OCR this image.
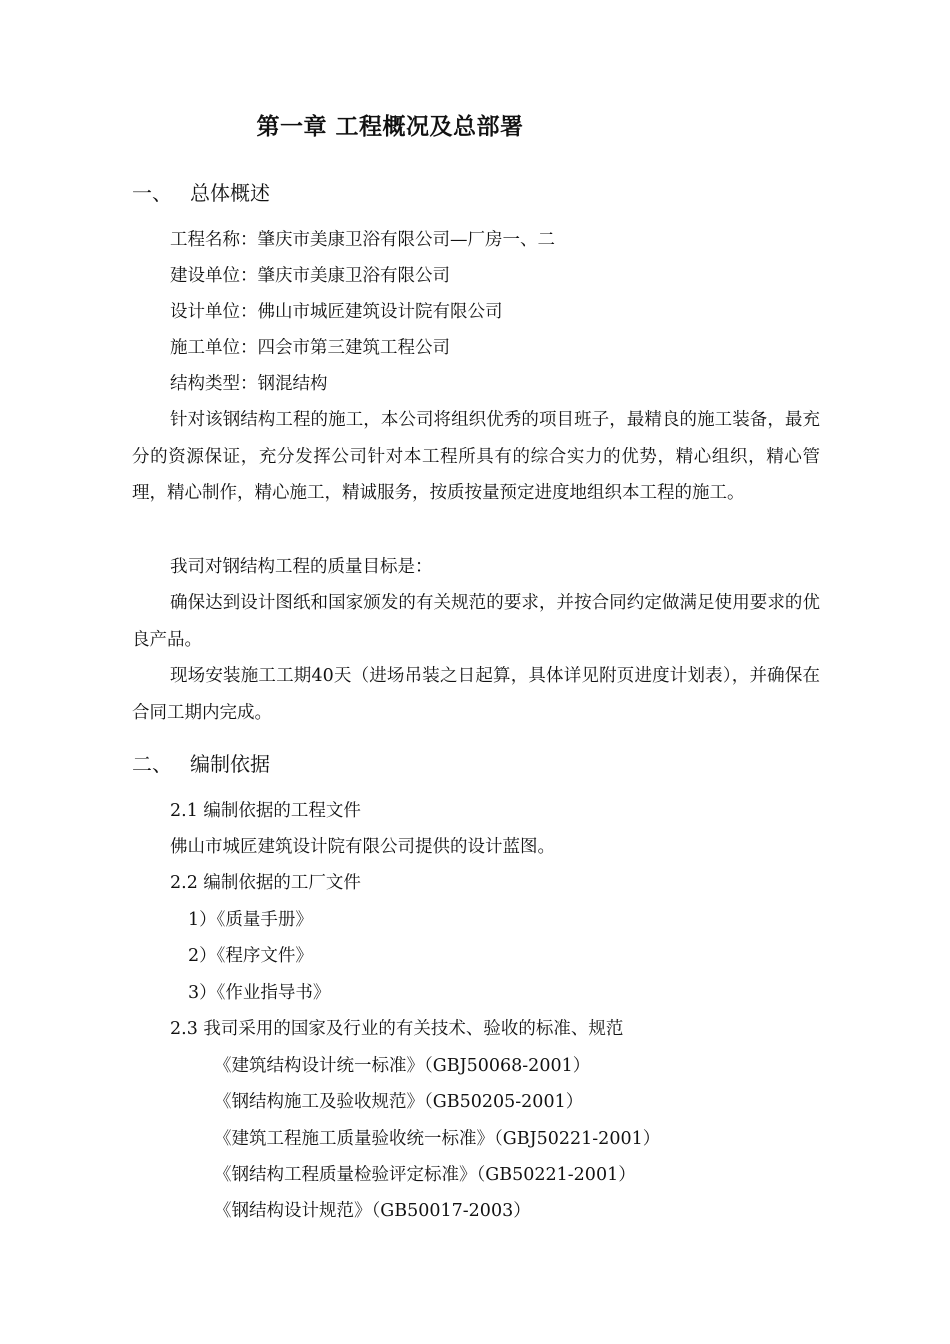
第一章 工程概况及总部署
一、 总体概述
工程名称：肇庆市美康卫浴有限公司—厂房一、二
建设单位：肇庆市美康卫浴有限公司
设计单位：佛山市城匠建筑设计院有限公司
施工单位：四会市第三建筑工程公司
结构类型：钢混结构
针对该钢结构工程的施工，本公司将组织优秀的项目班子，最精良的施工装备，最充分的资源保证，充分发挥公司针对本工程所具有的综合实力的优势，精心组织，精心管理，精心制作，精心施工，精诚服务，按质按量预定进度地组织本工程的施工。
我司对钢结构工程的质量目标是：
确保达到设计图纸和国家颁发的有关规范的要求，并按合同约定做满足使用要求的优良产品。
现场安装施工工期40天（进场吊装之日起算，具体详见附页进度计划表），并确保在合同工期内完成。
二、 编制依据
2.1 编制依据的工程文件
佛山市城匠建筑设计院有限公司提供的设计蓝图。
2.2 编制依据的工厂文件
1）《质量手册》
2）《程序文件》
3）《作业指导书》
2.3 我司采用的国家及行业的有关技术、验收的标准、规范
《建筑结构设计统一标准》（GBJ50068-2001）
《钢结构施工及验收规范》（GB50205-2001）
《建筑工程施工质量验收统一标准》（GBJ50221-2001）
《钢结构工程质量检验评定标准》（GB50221-2001）
《钢结构设计规范》（GB50017-2003）
